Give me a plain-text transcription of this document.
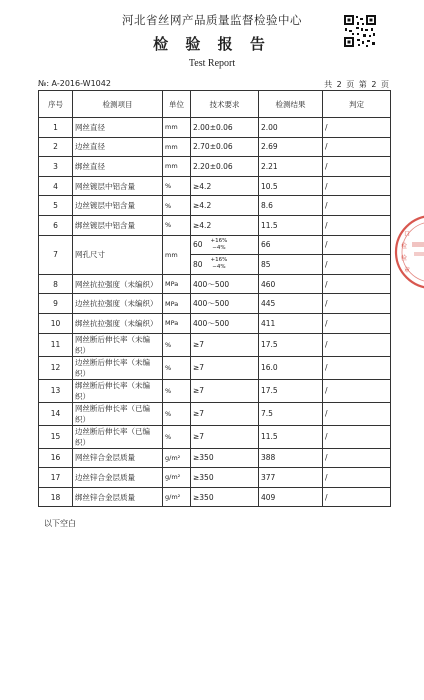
河北省丝网产品质量监督检验中心
检 验 报 告
Test Report
№: A-2016-W1042	共 2 页 第 2 页
序号	检测项目	单位	技术要求	检测结果	判定
1	网丝直径	mm	2.00±0.06	2.00	/
2	边丝直径	mm	2.70±0.06	2.69	/
3	绑丝直径	mm	2.20±0.06	2.21	/
4	网丝镀层中铝含量	%	≥4.2	10.5	/
5	边丝镀层中铝含量	%	≥4.2	8.6	/
6	绑丝镀层中铝含量	%	≥4.2	11.5	/
7	网孔尺寸	mm	60 +16%
−4%	66	/
			80 +16%
−4%	85	/
8	网丝抗拉强度（未编织）	MPa	400～500	460	/
9	边丝抗拉强度（未编织）	MPa	400～500	445	/
10	绑丝抗拉强度（未编织）	MPa	400～500	411	/
11	网丝断后伸长率（未编织）	%	≥7	17.5	/
12	边丝断后伸长率（未编织）	%	≥7	16.0	/
13	绑丝断后伸长率（未编织）	%	≥7	17.5	/
14	网丝断后伸长率（已编织）	%	≥7	7.5	/
15	边丝断后伸长率（已编织）	%	≥7	11.5	/
16	网丝锌合金层质量	g/m²	≥350	388	/
17	边丝锌合金层质量	g/m²	≥350	377	/
18	绑丝锌合金层质量	g/m²	≥350	409	/
以下空白
口
检
验
章
